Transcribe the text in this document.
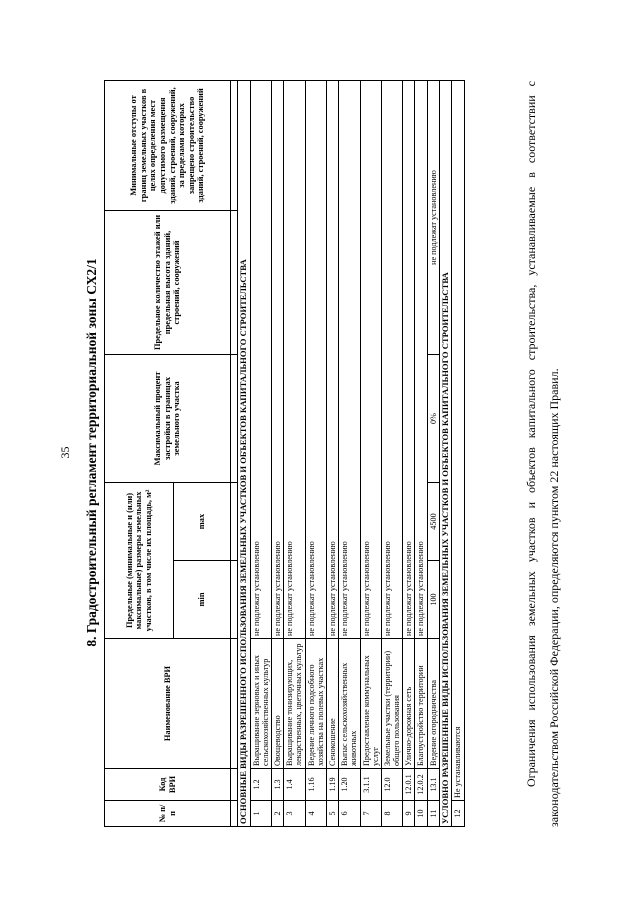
35 8. Градостроительный регламент территориальной зоны СХ2/1
№ п/п	Код ВРИ	Наименование ВРИ	Предельные (минимальные и (или) максимальные) размеры земельных участков, в том числе их площадь, м²		Максимальный процент застройки в границах земельного участка	Предельное количество этажей или предельная высота зданий, строений, сооружений	Минимальные отступы от границ земельных участков в целях определения мест допустимого размещения зданий, строений, сооружений, за пределами которых запрещено строительство зданий, строений, сооружений
			min	max			

ОСНОВНЫЕ ВИДЫ РАЗРЕШЕННОГО ИСПОЛЬЗОВАНИЯ ЗЕМЕЛЬНЫХ УЧАСТКОВ И ОБЪЕКТОВ КАПИТАЛЬНОГО СТРОИТЕЛЬСТВА							
1	1.2	Выращивание зерновых и иных сельскохозяйственных культур	не подлежат установлению				
2	1.3	Овощеводство	не подлежат установлению				
3	1.4	Выращивание тонизирующих, лекарственных, цветочных культур	не подлежат установлению				
4	1.16	Ведение личного подсобного хозяйства на полевых участках	не подлежат установлению				
5	1.19	Сенокошение	не подлежат установлению				
6	1.20	Выпас сельскохозяйственных животных	не подлежат установлению				
7	3.1.1	Предоставление коммунальных услуг	не подлежат установлению				
8	12.0	Земельные участки (территории) общего пользования	не подлежат установлению				
9	12.0.1	Улично-дорожная сеть	не подлежат установлению				
10	12.0.2	Благоустройство территории	не подлежат установлению				
11	13.1	Ведение огородничества	100	4500	0%	не подлежат установлению	
УСЛОВНО РАЗРЕШЕННЫЕ ВИДЫ ИСПОЛЬЗОВАНИЯ ЗЕМЕЛЬНЫХ УЧАСТКОВ И ОБЪЕКТОВ КАПИТАЛЬНОГО СТРОИТЕЛЬСТВА							
12	Не устанавливаются							Ограничения использования земельных участков и объектов капитального строительства, устанавливаемые в соответствии с законодательством Российской Федерации, определяются пунктом 22 настоящих Правил.
